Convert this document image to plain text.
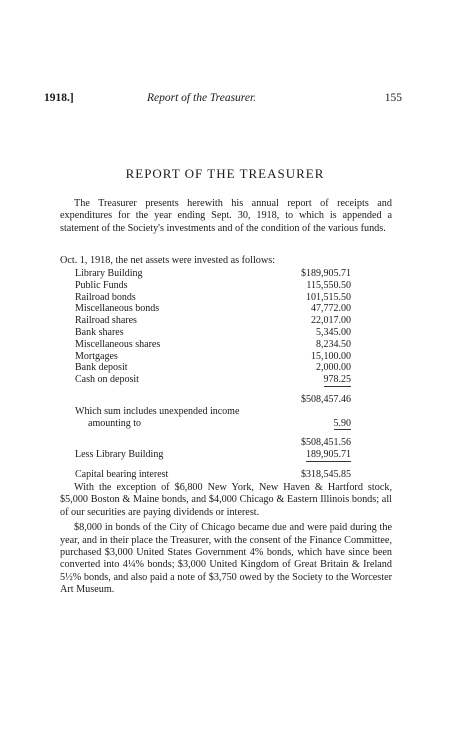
1918.]	Report of the Treasurer.	155
REPORT OF THE TREASURER

The Treasurer presents herewith his annual report of receipts and expenditures for the year ending Sept. 30, 1918, to which is appended a statement of the Society's investments and of the condition of the various funds.

Oct. 1, 1918, the net assets were invested as follows:
Library Building	$189,905.71
Public Funds	115,550.50
Railroad bonds	101,515.50
Miscellaneous bonds	47,772.00
Railroad shares	22,017.00
Bank shares	5,345.00
Miscellaneous shares	8,234.50
Mortgages	15,100.00
Bank deposit	2,000.00
Cash on deposit	978.25
$508,457.46
Which sum includes unexpended income
amounting to	5.90
$508,451.56
Less Library Building	189,905.71
Capital bearing interest	$318,545.85

With the exception of $6,800 New York, New Haven & Hartford stock, $5,000 Boston & Maine bonds, and $4,000 Chicago & Eastern Illinois bonds; all of our securities are paying dividends or interest.

$8,000 in bonds of the City of Chicago became due and were paid during the year, and in their place the Treasurer, with the consent of the Finance Committee, purchased $3,000 United States Government 4% bonds, which have since been converted into 4¼% bonds; $3,000 United Kingdom of Great Britain & Ireland 5½% bonds, and also paid a note of $3,750 owed by the Society to the Worcester Art Museum.
